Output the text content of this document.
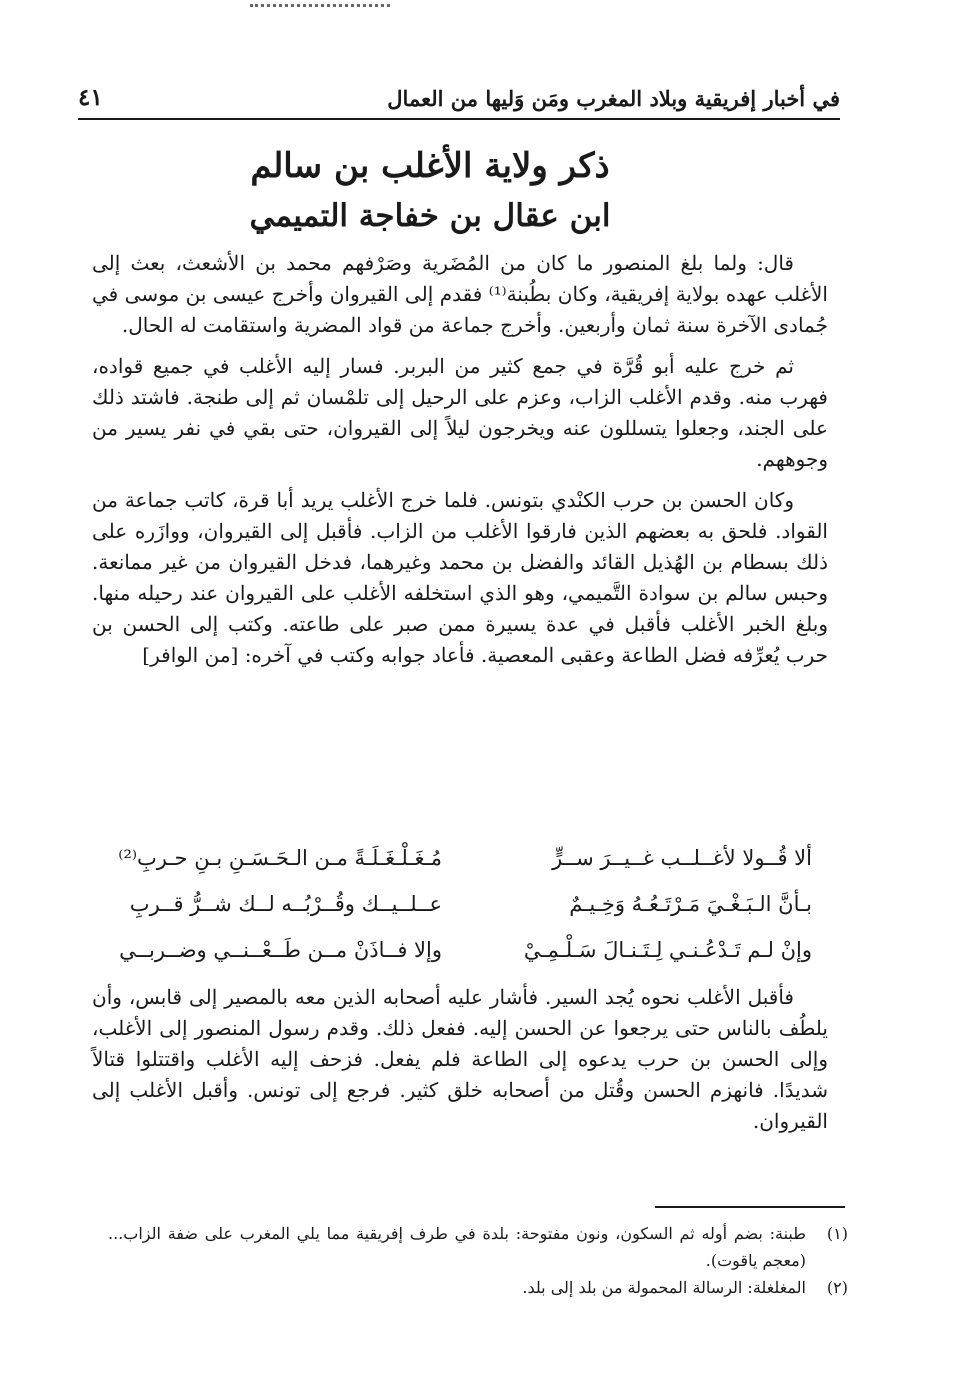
في أخبار إفريقية وبلاد المغرب ومَن وَليها من العمال
٤١
ذكر ولاية الأغلب بن سالم
ابن عقال بن خفاجة التميمي

قال: ولما بلغ المنصور ما كان من المُضَرية وصَرْفهم محمد بن الأشعث، بعث إلى الأغلب عهده بولاية إفريقية، وكان بطُبنة⁽¹⁾ فقدم إلى القيروان وأخرج عيسى بن موسى في جُمادى الآخرة سنة ثمان وأربعين. وأخرج جماعة من قواد المضرية واستقامت له الحال.

ثم خرج عليه أبو قُرَّة في جمع كثير من البربر. فسار إليه الأغلب في جميع قواده، فهرب منه. وقدم الأغلب الزاب، وعزم على الرحيل إلى تلمْسان ثم إلى طنجة. فاشتد ذلك على الجند، وجعلوا يتسللون عنه ويخرجون ليلاً إلى القيروان، حتى بقي في نفر يسير من وجوههم.

وكان الحسن بن حرب الكنْدي بتونس. فلما خرج الأغلب يريد أبا قرة، كاتب جماعة من القواد. فلحق به بعضهم الذين فارقوا الأغلب من الزاب. فأقبل إلى القيروان، ووازَره على ذلك بسطام بن الهُذيل القائد والفضل بن محمد وغيرهما، فدخل القيروان من غير ممانعة. وحبس سالم بن سوادة التَّميمي، وهو الذي استخلفه الأغلب على القيروان عند رحيله منها. وبلغ الخبر الأغلب فأقبل في عدة يسيرة ممن صبر على طاعته. وكتب إلى الحسن بن حرب يُعرِّفه فضل الطاعة وعقبى المعصية. فأعاد جوابه وكتب في آخره: [من الوافر]

ألا قُــولا لأغــلــب غــيــرَ ســرٍّ
مُـغَـلْـغَـلَـةً مـن الـحَـسَـنِ بـنِ حـربِ⁽²⁾
بـأنَّ الـبَـغْـيَ مَـرْتَـعُـهُ وَخِـيـمٌ
عــلــيــك وقُــرْبُــه لــك شــرُّ قــربِ
وإنْ لـم تَـدْعُـنـي لِـتَـنـالَ سَـلْـمِـيْ
وإلا فــاذَنْ مــن طَــعْــنــي وضــربــي

فأقبل الأغلب نحوه يُجد السير. فأشار عليه أصحابه الذين معه بالمصير إلى قابس، وأن يلطُف بالناس حتى يرجعوا عن الحسن إليه. ففعل ذلك. وقدم رسول المنصور إلى الأغلب، وإلى الحسن بن حرب يدعوه إلى الطاعة فلم يفعل. فزحف إليه الأغلب واقتتلوا قتالاً شديدًا. فانهزم الحسن وقُتل من أصحابه خلق كثير. فرجع إلى تونس. وأقبل الأغلب إلى القيروان.

(١)
طبنة: بضم أوله ثم السكون، ونون مفتوحة: بلدة في طرف إفريقية مما يلي المغرب على ضفة الزاب... (معجم ياقوت).
(٢)
المغلغلة: الرسالة المحمولة من بلد إلى بلد.
